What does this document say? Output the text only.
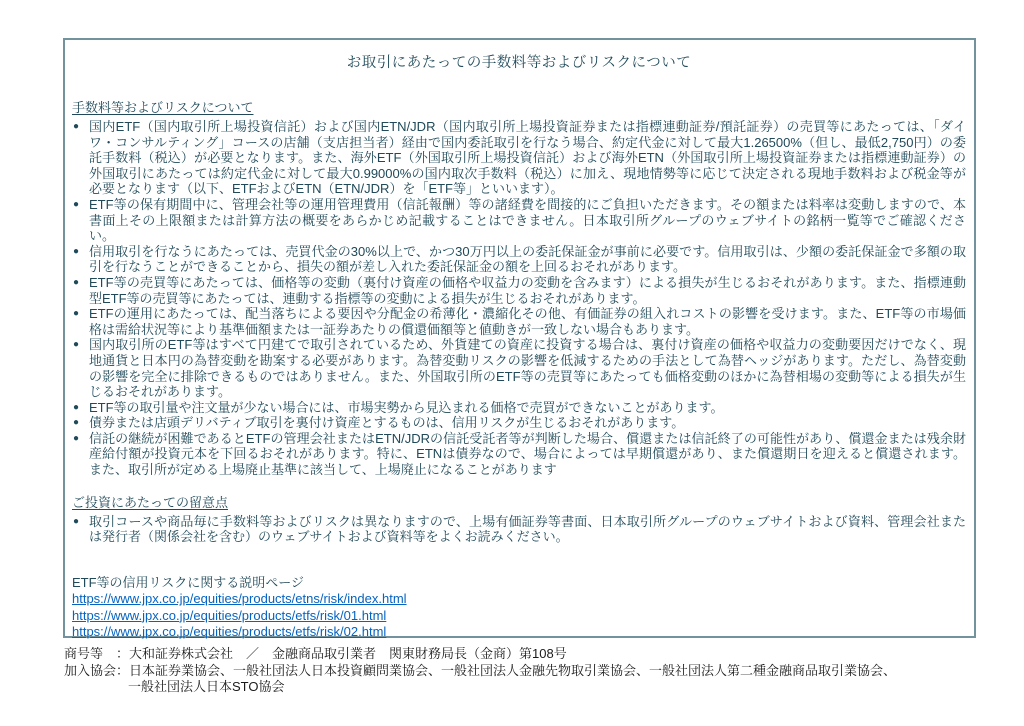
お取引にあたっての手数料等およびリスクについて
手数料等およびリスクについて
● 国内ETF（国内取引所上場投資信託）および国内ETN/JDR（国内取引所上場投資証券または指標連動証券/預託証券）の売買等にあたっては、「ダイワ・コンサルティング」コースの店舗（支店担当者）経由で国内委託取引を行なう場合、約定代金に対して最大1.26500%（但し、最低2,750円）の委託手数料（税込）が必要となります。また、海外ETF（外国取引所上場投資信託）および海外ETN（外国取引所上場投資証券または指標連動証券）の外国取引にあたっては約定代金に対して最大0.99000%の国内取次手数料（税込）に加え、現地情勢等に応じて決定される現地手数料および税金等が必要となります（以下、ETFおよびETN（ETN/JDR）を「ETF等」といいます）。
● ETF等の保有期間中に、管理会社等の運用管理費用（信託報酬）等の諸経費を間接的にご負担いただきます。その額または料率は変動しますので、本書面上その上限額または計算方法の概要をあらかじめ記載することはできません。日本取引所グループのウェブサイトの銘柄一覧等でご確認ください。
● 信用取引を行なうにあたっては、売買代金の30%以上で、かつ30万円以上の委託保証金が事前に必要です。信用取引は、少額の委託保証金で多額の取引を行なうことができることから、損失の額が差し入れた委託保証金の額を上回るおそれがあります。
● ETF等の売買等にあたっては、価格等の変動（裏付け資産の価格や収益力の変動を含みます）による損失が生じるおそれがあります。また、指標連動型ETF等の売買等にあたっては、連動する指標等の変動による損失が生じるおそれがあります。
● ETFの運用にあたっては、配当落ちによる要因や分配金の希薄化・濃縮化その他、有価証券の組入れコストの影響を受けます。また、ETF等の市場価格は需給状況等により基準価額または一証券あたりの償還価額等と値動きが一致しない場合もあります。
● 国内取引所のETF等はすべて円建てで取引されているため、外貨建ての資産に投資する場合は、裏付け資産の価格や収益力の変動要因だけでなく、現地通貨と日本円の為替変動を勘案する必要があります。為替変動リスクの影響を低減するための手法として為替ヘッジがあります。ただし、為替変動の影響を完全に排除できるものではありません。また、外国取引所のETF等の売買等にあたっても価格変動のほかに為替相場の変動等による損失が生じるおそれがあります。
● ETF等の取引量や注文量が少ない場合には、市場実勢から見込まれる価格で売買ができないことがあります。
● 債券または店頭デリバティブ取引を裏付け資産とするものは、信用リスクが生じるおそれがあります。
● 信託の継続が困難であるとETFの管理会社またはETN/JDRの信託受託者等が判断した場合、償還または信託終了の可能性があり、償還金または残余財産給付額が投資元本を下回るおそれがあります。特に、ETNは債券なので、場合によっては早期償還があり、また償還期日を迎えると償還されます。また、取引所が定める上場廃止基準に該当して、上場廃止になることがあります
ご投資にあたっての留意点
● 取引コースや商品毎に手数料等およびリスクは異なりますので、上場有価証券等書面、日本取引所グループのウェブサイトおよび資料、管理会社または発行者（関係会社を含む）のウェブサイトおよび資料等をよくお読みください。
ETF等の信用リスクに関する説明ページ
https://www.jpx.co.jp/equities/products/etns/risk/index.html
https://www.jpx.co.jp/equities/products/etfs/risk/01.html
https://www.jpx.co.jp/equities/products/etfs/risk/02.html
商号等　：大和証券株式会社　／　金融商品取引業者　関東財務局長（金商）第108号
加入協会：日本証券業協会、一般社団法人日本投資顧問業協会、一般社団法人金融先物取引業協会、一般社団法人第二種金融商品取引業協会、
一般社団法人日本STO協会
